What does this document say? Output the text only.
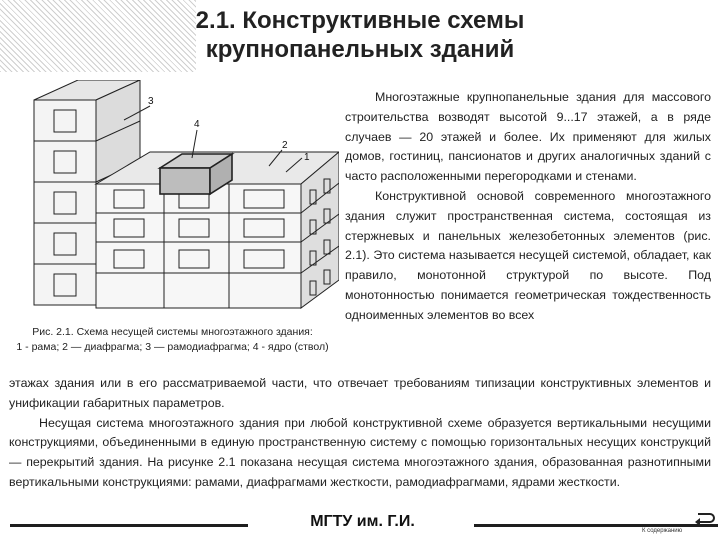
2.1. Конструктивные схемы
крупнопанельных зданий
3
4
2
1
Рис. 2.1. Схема несущей системы многоэтажного здания:
1 - рама; 2 — диафрагма; 3 — рамодиафрагма; 4 - ядро (ствол)

Многоэтажные крупнопанельные здания для массового строительства возводят высотой 9...17 этажей, а в ряде случаев — 20 этажей и более. Их применяют для жилых домов, гостиниц, пансионатов и других аналогичных зданий с часто расположенными перегородками и стенами.

Конструктивной основой современного многоэтажного здания служит пространственная система, состоящая из стержневых и панельных железобетонных элементов (рис. 2.1). Это система называется несущей системой, обладает, как правило, монотонной структурой по высоте. Под монотонностью понимается геометрическая тождественность одноименных элементов во всех

этажах здания или в его рассматриваемой части, что отвечает требованиям типизации конструктивных элементов и унификации габаритных параметров.

Несущая система многоэтажного здания при любой конструктивной схеме образуется вертикальными несущими конструкциями, объединенными в единую пространственную систему с помощью горизонтальных несущих конструкций — перекрытий здания. На рисунке 2.1 показана несущая система многоэтажного здания, образованная разнотипными вертикальными конструкциями: рамами, диафрагмами жесткости, рамодиафрагмами, ядрами жесткости.

МГТУ им. Г.И.
К содержанию
